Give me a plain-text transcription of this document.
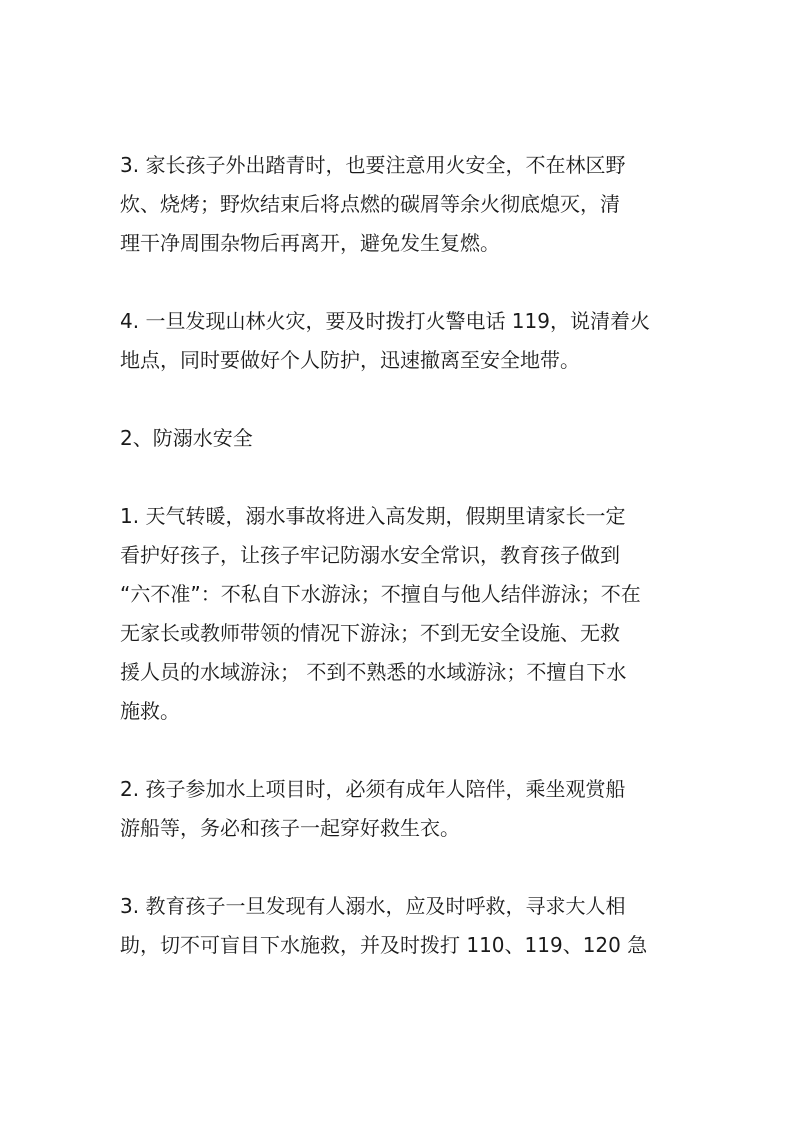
3. 家长孩子外出踏青时，也要注意用火安全，不在林区野
炊、烧烤；野炊结束后将点燃的碳屑等余火彻底熄灭，清
理干净周围杂物后再离开，避免发生复燃。

4. 一旦发现山林火灾，要及时拨打火警电话 119，说清着火
地点，同时要做好个人防护，迅速撤离至安全地带。

2、防溺水安全

1. 天气转暖，溺水事故将进入高发期，假期里请家长一定
看护好孩子，让孩子牢记防溺水安全常识，教育孩子做到
“六不准”：不私自下水游泳；不擅自与他人结伴游泳；不在
无家长或教师带领的情况下游泳；不到无安全设施、无救
援人员的水域游泳； 不到不熟悉的水域游泳；不擅自下水
施救。

2. 孩子参加水上项目时，必须有成年人陪伴，乘坐观赏船
游船等，务必和孩子一起穿好救生衣。

3. 教育孩子一旦发现有人溺水，应及时呼救，寻求大人相
助，切不可盲目下水施救，并及时拨打 110、119、120 急
